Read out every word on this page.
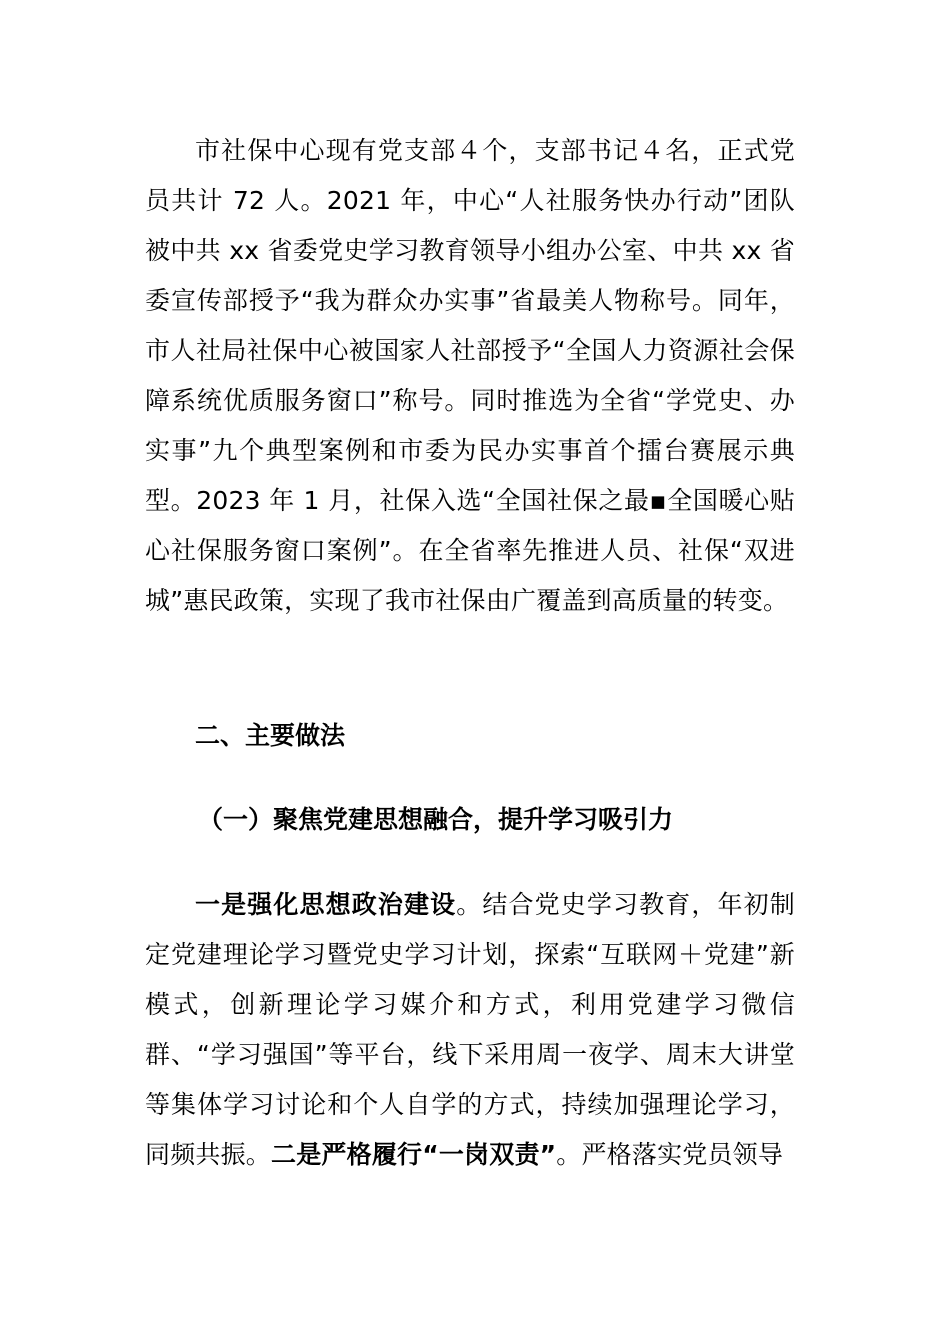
市社保中心现有党支部４个，支部书记４名，正式党员共计 72 人。2021 年，中心“人社服务快办行动”团队被中共 xx 省委党史学习教育领导小组办公室、中共 xx 省委宣传部授予“我为群众办实事”省最美人物称号。同年，市人社局社保中心被国家人社部授予“全国人力资源社会保障系统优质服务窗口”称号。同时推选为全省“学党史、办实事”九个典型案例和市委为民办实事首个擂台赛展示典型。2023 年 1 月，社保入选“全国社保之最▪全国暖心贴心社保服务窗口案例”。在全省率先推进人员、社保“双进城”惠民政策，实现了我市社保由广覆盖到高质量的转变。

二、主要做法

（一）聚焦党建思想融合，提升学习吸引力

一是强化思想政治建设。结合党史学习教育，年初制定党建理论学习暨党史学习计划，探索“互联网＋党建”新模式，创新理论学习媒介和方式，利用党建学习微信群、“学习强国”等平台，线下采用周一夜学、周末大讲堂等集体学习讨论和个人自学的方式，持续加强理论学习，同频共振。二是严格履行“一岗双责”。严格落实党员领导
